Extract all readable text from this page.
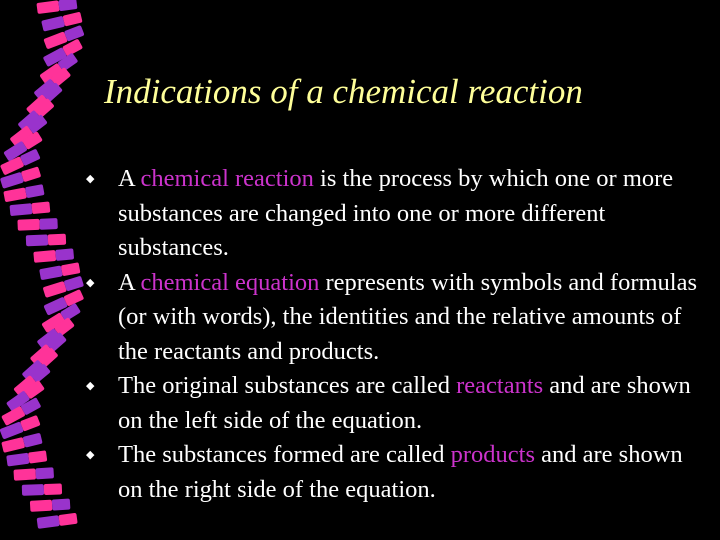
Indications of a chemical reaction
◆ A chemical reaction is the process by which one or more substances are changed into one or more different substances.
◆ A chemical equation represents with symbols and formulas (or with words), the identities and the relative amounts of the reactants and products.
◆ The original substances are called reactants and are shown on the left side of the equation.
◆ The substances formed are called products and are shown on the right side of the equation.
